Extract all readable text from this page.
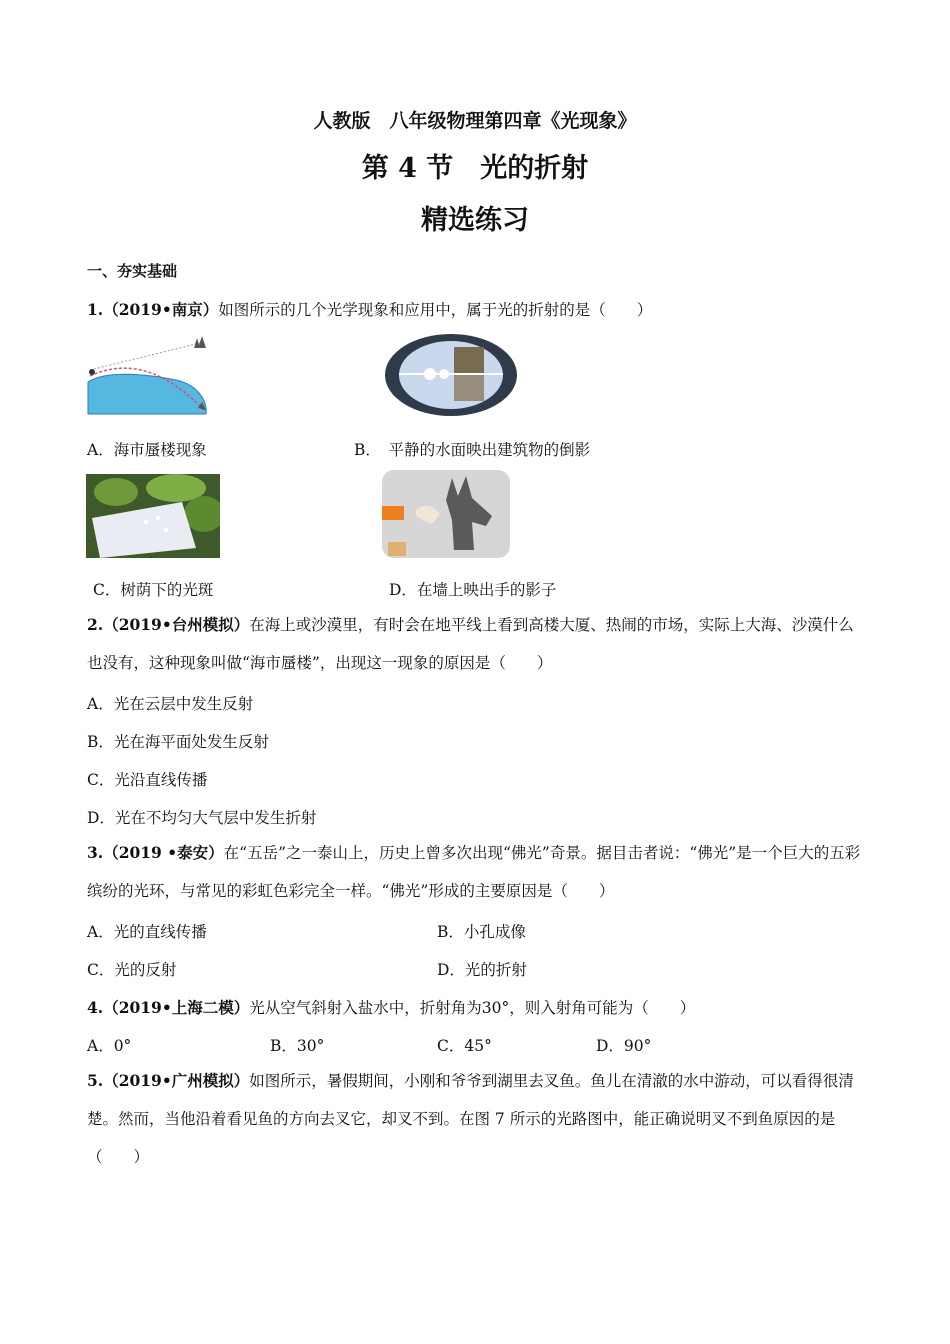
人教版　八年级物理第四章《光现象》
第 4 节　光的折射
精选练习
一、夯实基础
1.（2019•南京）如图所示的几个光学现象和应用中，属于光的折射的是（　　）
A．海市蜃楼现象	B．　平静的水面映出建筑物的倒影
C．树荫下的光斑	D．在墙上映出手的影子
2.（2019•台州模拟）在海上或沙漠里，有时会在地平线上看到高楼大厦、热闹的市场，实际上大海、沙漠什么也没有，这种现象叫做“海市蜃楼”，出现这一现象的原因是（　　）
A．光在云层中发生反射
B．光在海平面处发生反射
C．光沿直线传播
D．光在不均匀大气层中发生折射
3.（2019 •泰安）在“五岳”之一泰山上，历史上曾多次出现“佛光”奇景。据目击者说：“佛光”是一个巨大的五彩缤纷的光环，与常见的彩虹色彩完全一样。“佛光”形成的主要原因是（　　）
A．光的直线传播	B．小孔成像
C．光的反射	D．光的折射
4.（2019•上海二模）光从空气斜射入盐水中，折射角为30°，则入射角可能为（　　）
A．0°	B．30°	C．45°	D．90°
5.（2019•广州模拟）如图所示，暑假期间，小刚和爷爷到湖里去叉鱼。鱼儿在清澈的水中游动，可以看得很清楚。然而，当他沿着看见鱼的方向去叉它，却叉不到。在图 7 所示的光路图中，能正确说明叉不到鱼原因的是（　　）
